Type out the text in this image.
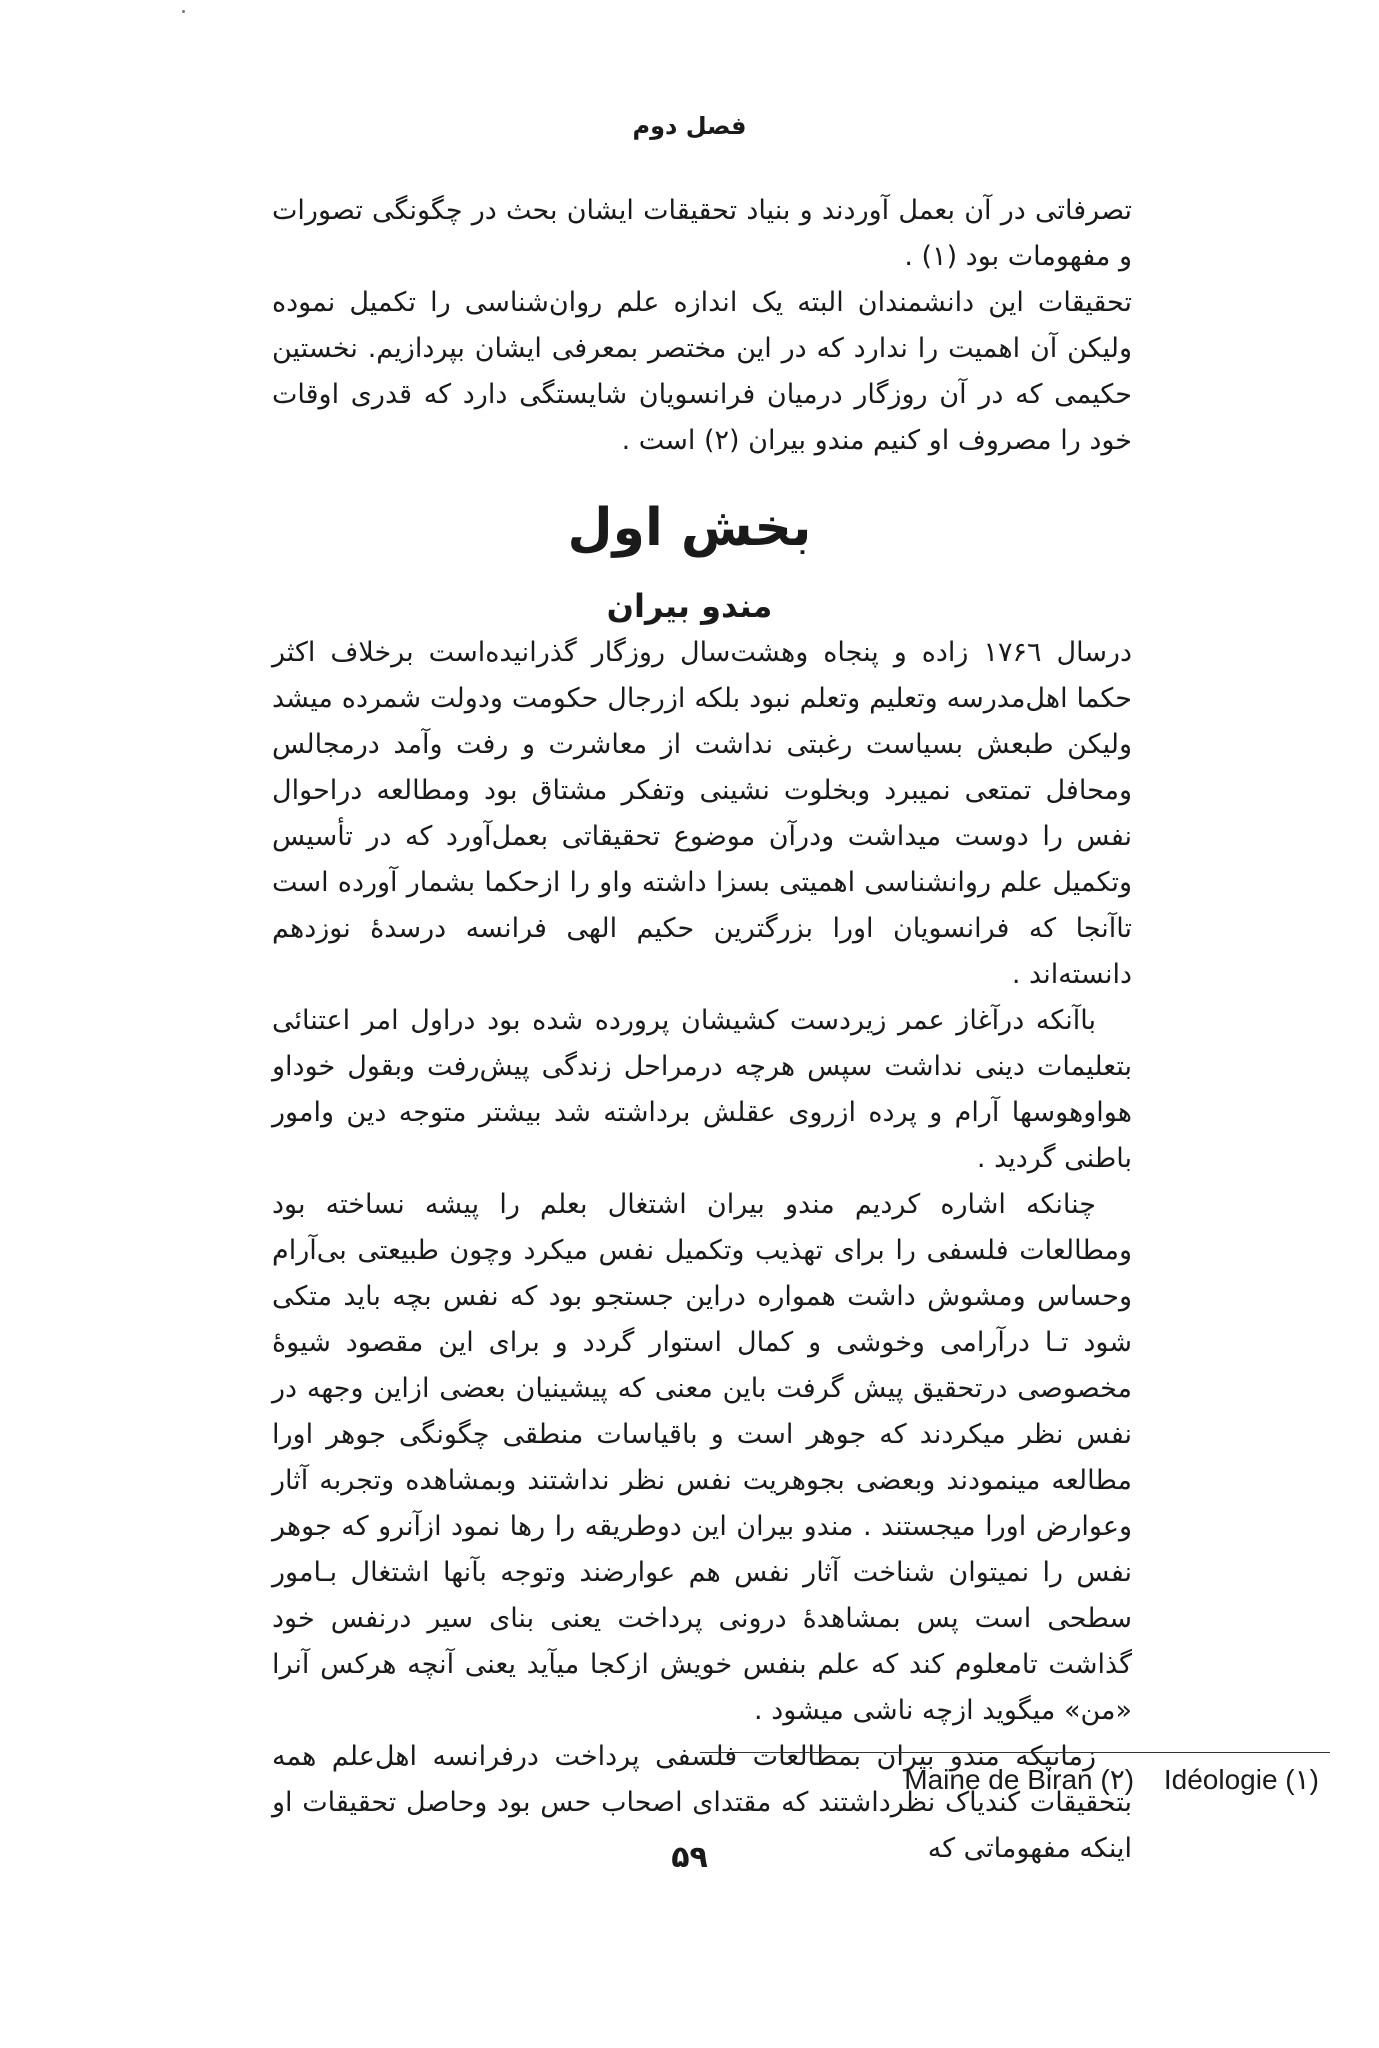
فصل دوم

تصرفاتی در آن بعمل آوردند و بنیاد تحقیقات ایشان بحث در چگونگی تصورات و مفهومات بود (۱) .

تحقیقات این دانشمندان البته یک اندازه علم روان‌شناسی را تکمیل نموده ولیکن آن اهمیت را ندارد که در این مختصر بمعرفی ایشان بپردازیم. نخستین حکیمی که در آن روزگار درمیان فرانسویان شایستگی دارد که قدری اوقات خود را مصروف او کنیم مندو بیران (۲) است .

بخش اول
مندو بیران

درسال ۱۷۶٦ زاده و پنجاه وهشت‌سال روزگار گذرانیده‌است برخلاف اکثر حکما اهل‌مدرسه وتعلیم وتعلم نبود بلکه ازرجال حکومت ودولت شمرده میشد ولیکن طبعش بسیاست رغبتی نداشت از معاشرت و رفت وآمد درمجالس ومحافل تمتعی نمیبرد وبخلوت نشینی وتفکر مشتاق بود ومطالعه دراحوال نفس را دوست میداشت ودرآن موضوع تحقیقاتی بعمل‌آورد که در تأسیس وتکمیل علم روانشناسی اهمیتی بسزا داشته واو را ازحکما بشمار آورده است تاآنجا که فرانسویان اورا بزرگترین حکیم الهی فرانسه درسدهٔ نوزدهم دانسته‌اند .

باآنکه درآغاز عمر زیردست کشیشان پرورده شده بود دراول امر اعتنائی بتعلیمات دینی نداشت سپس هرچه درمراحل زندگی پیش‌رفت وبقول خوداو هواوهوسها آرام و پرده ازروی عقلش برداشته شد بیشتر متوجه دین وامور باطنی گردید .

چنانکه اشاره کردیم مندو بیران اشتغال بعلم را پیشه نساخته بود ومطالعات فلسفی را برای تهذیب وتکمیل نفس میکرد وچون طبیعتی بی‌آرام وحساس ومشوش داشت همواره دراین جستجو بود که نفس بچه باید متکی شود تـا درآرامی وخوشی و کمال استوار گردد و برای این مقصود شیوهٔ مخصوصی درتحقیق پیش گرفت باین معنی که پیشینیان بعضی ازاین وجهه در نفس نظر میکردند که جوهر است و باقیاسات منطقی چگونگی جوهر اورا مطالعه مینمودند وبعضی بجوهریت نفس نظر نداشتند وبمشاهده وتجربه آثار وعوارض اورا میجستند . مندو بیران این دوطریقه را رها نمود ازآنرو که جوهر نفس را نمیتوان شناخت آثار نفس هم عوارضند وتوجه بآنها اشتغال بـامور سطحی است پس بمشاهدهٔ درونی پرداخت یعنی بنای سیر درنفس خود گذاشت تامعلوم کند که علم بنفس خویش ازکجا میآید یعنی آنچه هرکس آنرا «من» میگوید ازچه ناشی میشود .

زمانیکه مندو بیران بمطالعات فلسفی پرداخت درفرانسه اهل‌علم همه بتحقیقات کندیاک نظرداشتند که مقتدای اصحاب حس بود وحاصل تحقیقات او اینکه مفهوماتی که

Maine de Biran (٢) Idéologie (١)
۵۹
